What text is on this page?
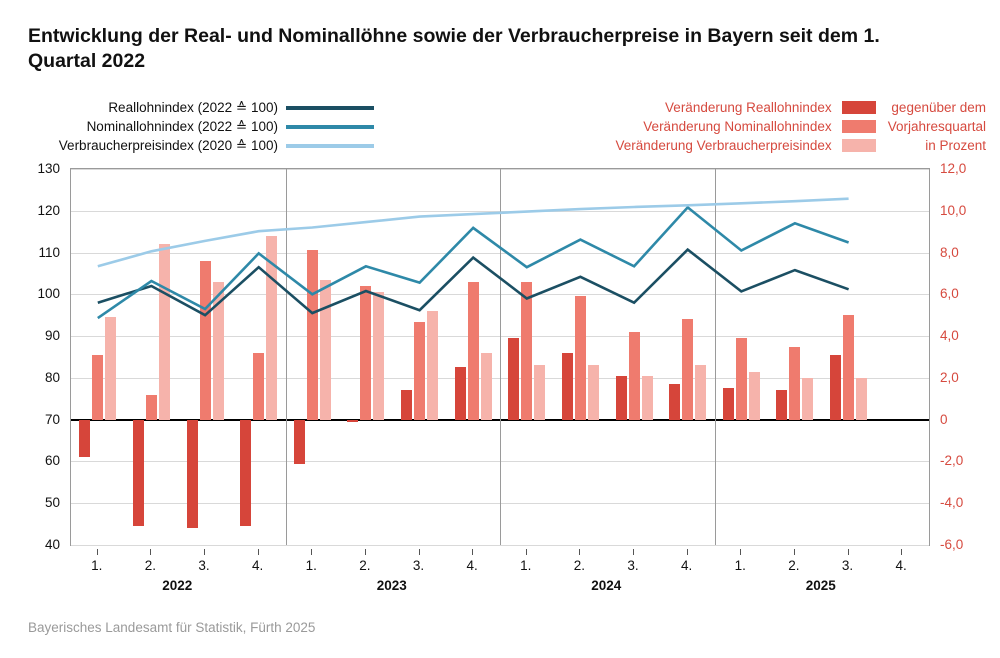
Entwicklung der Real- und Nominallöhne sowie der Verbraucherpreise in Bayern seit dem 1. Quartal 2022
Reallohnindex (2022 ≙ 100)
Nominallohnindex (2022 ≙ 100)
Verbraucherpreisindex (2020 ≙ 100)
Veränderung Reallohnindex
Veränderung Nominallohnindex
Veränderung Verbraucherpreisindex
gegenüber dem
Vorjahresquartal
in Prozent
40
50
60
70
80
90
100
110
120
130
-6,0
-4,0
-2,0
0
2,0
4,0
6,0
8,0
10,0
12,0
1.	2.	3.	4.	1.	2.	3.	4.	1.	2.	3.	4.	1.	2.	3.	4.
2022	2023	2024	2025
Bayerisches Landesamt für Statistik, Fürth 2025
